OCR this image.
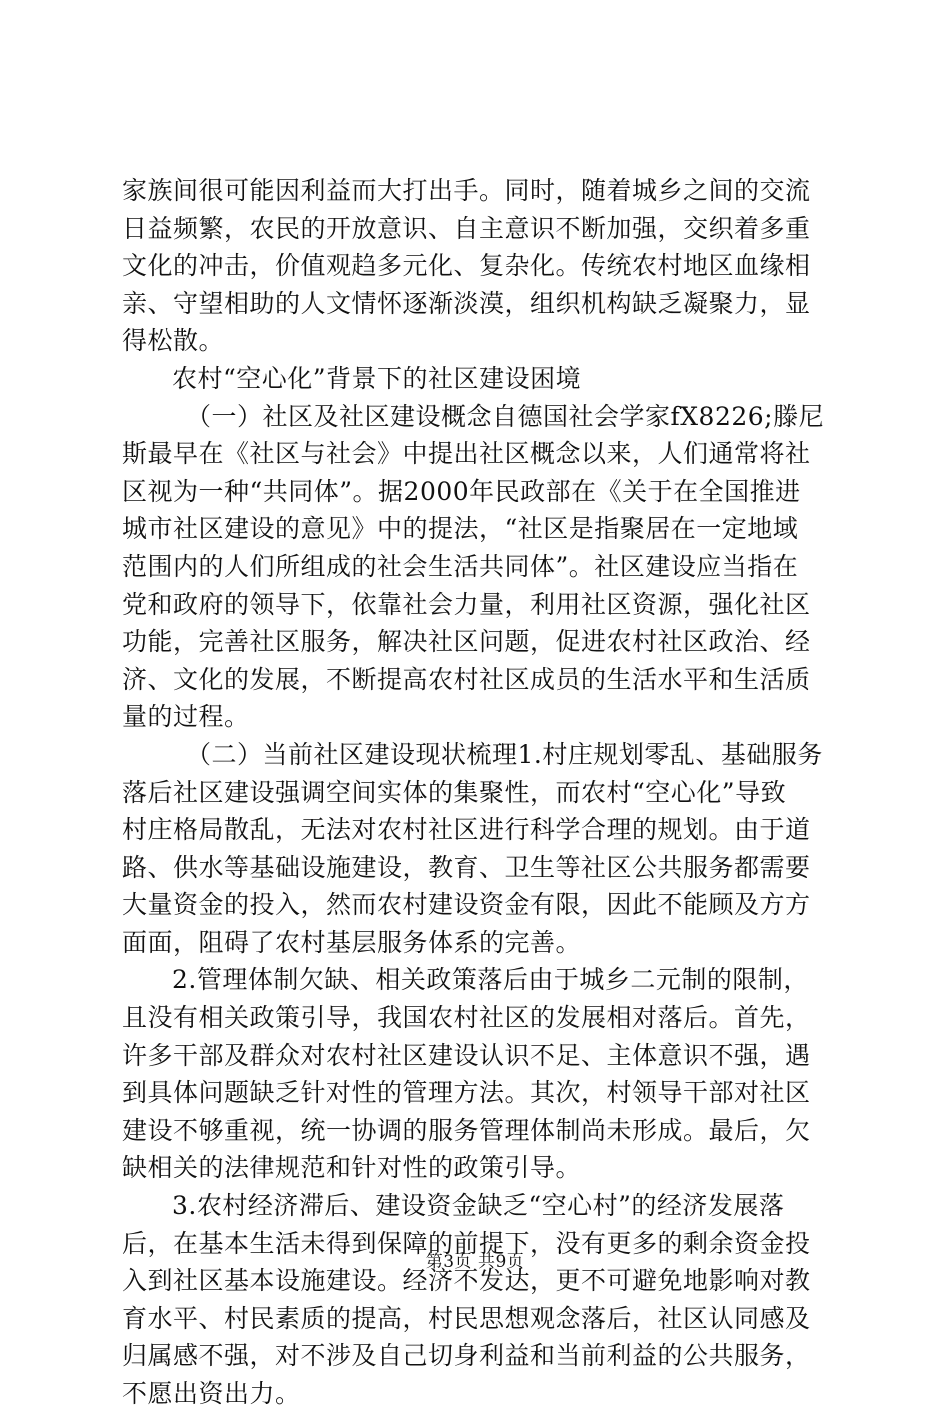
家族间很可能因利益而大打出手。同时，随着城乡之间的交流
日益频繁，农民的开放意识、自主意识不断加强，交织着多重
文化的冲击，价值观趋多元化、复杂化。传统农村地区血缘相
亲、守望相助的人文情怀逐渐淡漠，组织机构缺乏凝聚力，显
得松散。
农村“空心化”背景下的社区建设困境
（一）社区及社区建设概念自德国社会学家fX8226;滕尼
斯最早在《社区与社会》中提出社区概念以来，人们通常将社
区视为一种“共同体”。据2000年民政部在《关于在全国推进
城市社区建设的意见》中的提法，“社区是指聚居在一定地域
范围内的人们所组成的社会生活共同体”。社区建设应当指在
党和政府的领导下，依靠社会力量，利用社区资源，强化社区
功能，完善社区服务，解决社区问题，促进农村社区政治、经
济、文化的发展，不断提高农村社区成员的生活水平和生活质
量的过程。
（二）当前社区建设现状梳理1.村庄规划零乱、基础服务
落后社区建设强调空间实体的集聚性，而农村“空心化”导致
村庄格局散乱，无法对农村社区进行科学合理的规划。由于道
路、供水等基础设施建设，教育、卫生等社区公共服务都需要
大量资金的投入，然而农村建设资金有限，因此不能顾及方方
面面，阻碍了农村基层服务体系的完善。
2.管理体制欠缺、相关政策落后由于城乡二元制的限制，
且没有相关政策引导，我国农村社区的发展相对落后。首先，
许多干部及群众对农村社区建设认识不足、主体意识不强，遇
到具体问题缺乏针对性的管理方法。其次，村领导干部对社区
建设不够重视，统一协调的服务管理体制尚未形成。最后，欠
缺相关的法律规范和针对性的政策引导。
3.农村经济滞后、建设资金缺乏“空心村”的经济发展落
后，在基本生活未得到保障的前提下，没有更多的剩余资金投
入到社区基本设施建设。经济不发达，更不可避免地影响对教
育水平、村民素质的提高，村民思想观念落后，社区认同感及
归属感不强，对不涉及自己切身利益和当前利益的公共服务，
不愿出资出力。
第3页 共9页
